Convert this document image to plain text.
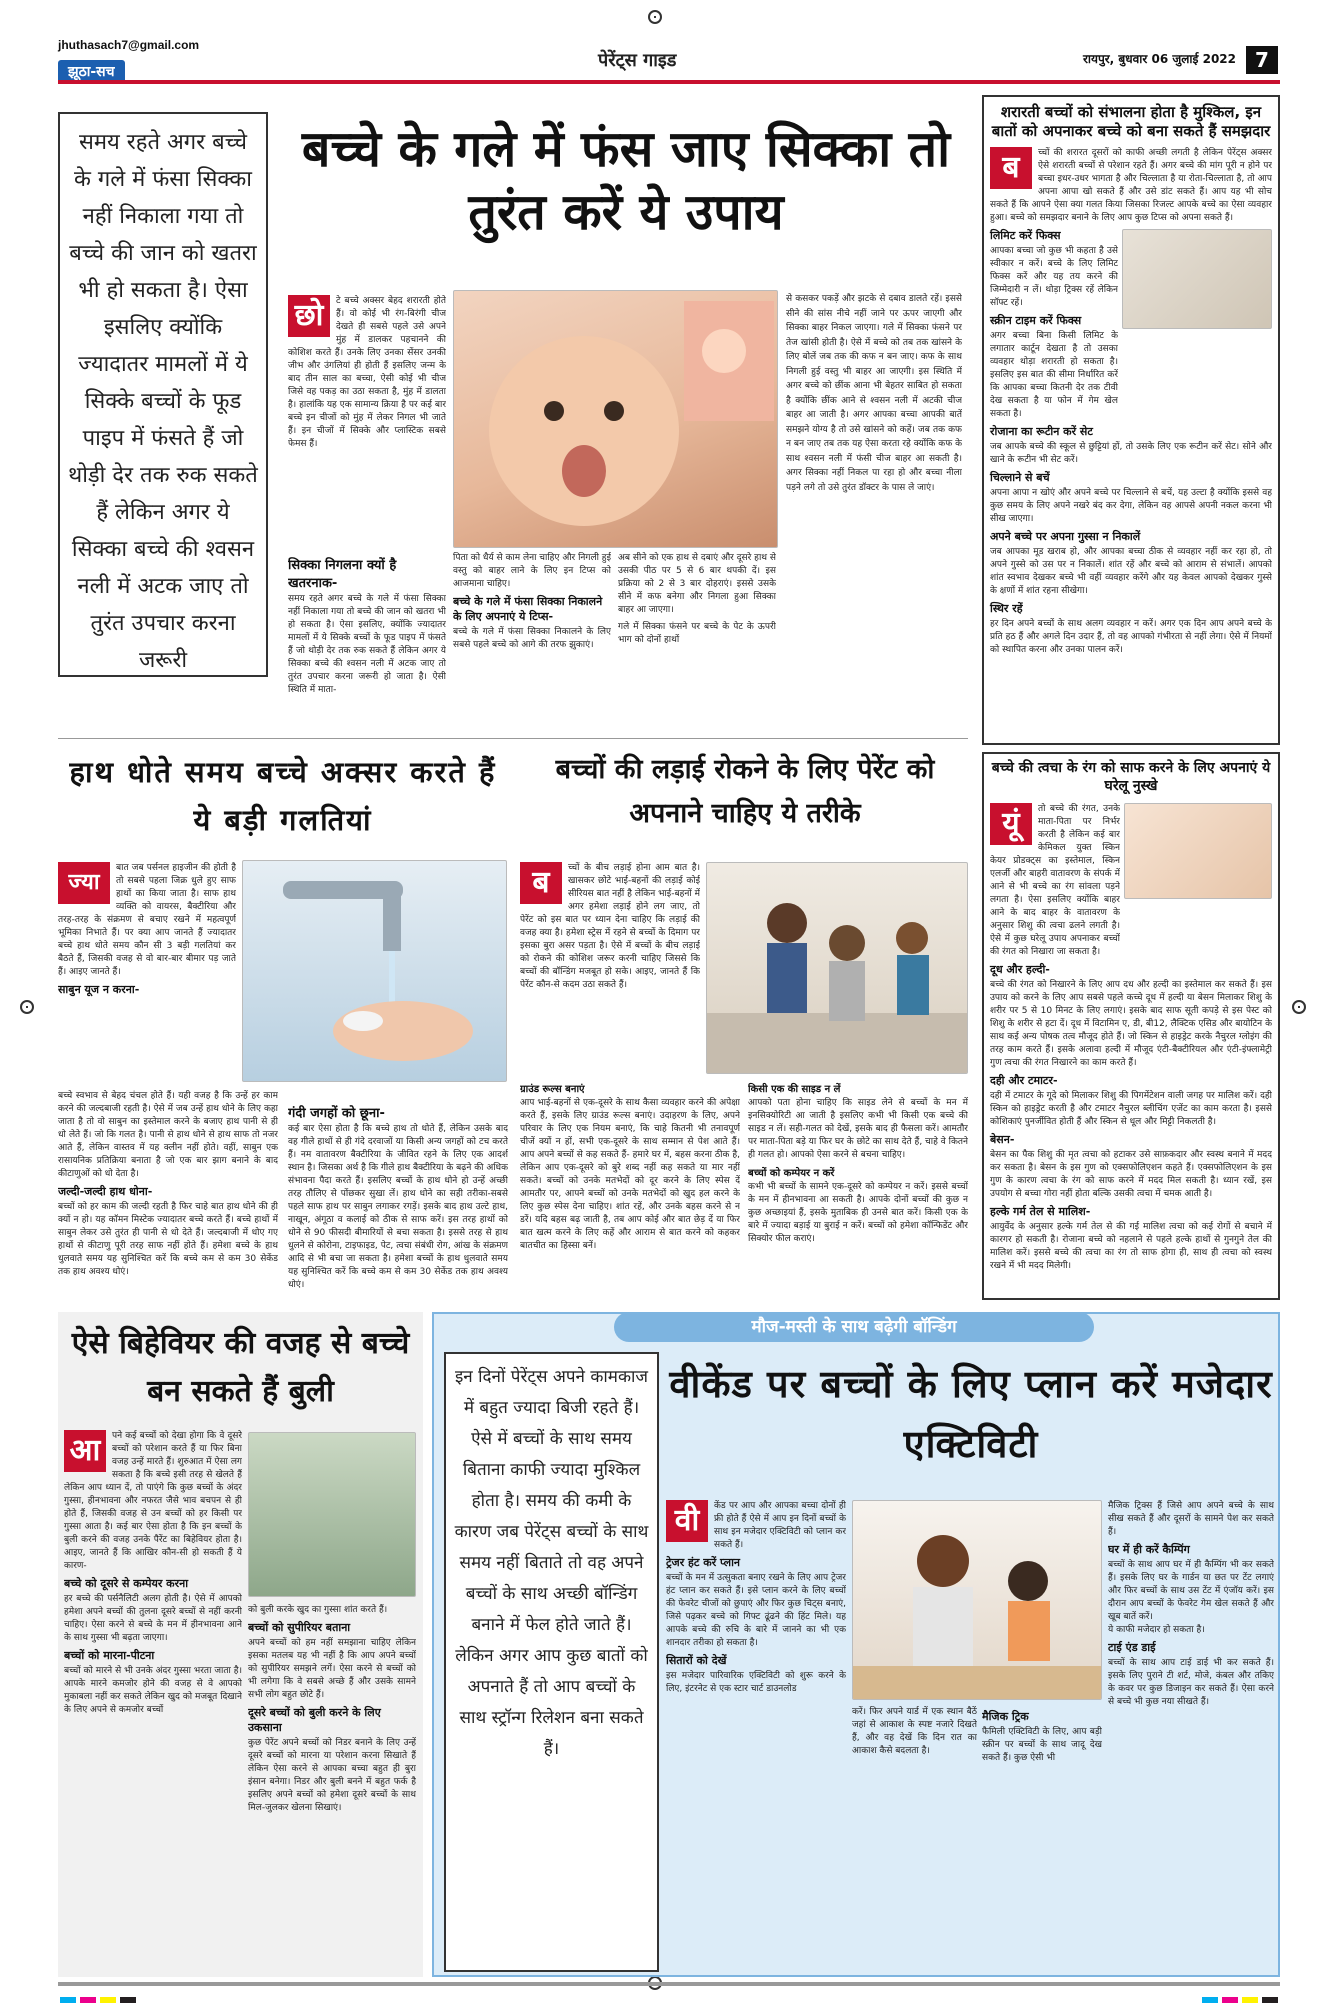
jhuthasach7@gmail.com
झूठा-सच
पेरेंट्स गाइड	रायपुर, बुधवार 06 जुलाई 2022 7
समय रहते अगर बच्चे के गले में फंसा सिक्का नहीं निकाला गया तो बच्चे की जान को खतरा भी हो सकता है। ऐसा इसलिए क्योंकि ज्यादातर मामलों में ये सिक्के बच्चों के फूड पाइप में फंसते हैं जो थोड़ी देर तक रुक सकते हैं लेकिन अगर ये सिक्का बच्चे की श्वसन नली में अटक जाए तो तुरंत उपचार करना जरूरी
बच्चे के गले में फंस जाए सिक्का तो तुरंत करें ये उपाय
छो	टे बच्चे अक्सर बेहद शरारती होते हैं। वो कोई भी रंग-बिरंगी चीज देखते ही सबसे पहले उसे अपने मुंह में डालकर पहचानने की कोशिश करते हैं। उनके लिए उनका सेंसर उनकी जीभ और उंगलियां ही होती हैं इसलिए जन्म के बाद तीन साल का बच्चा, ऐसी कोई भी चीज जिसे वह पकड़ का उठा सकता है, मुंह में डालता है। हालांकि यह एक सामान्य क्रिया है पर कई बार बच्चे इन चीजों को मुंह में लेकर निगल भी जाते हैं। इन चीजों में सिक्के और प्लास्टिक सबसे फेमस हैं।
सिक्का निगलना क्यों है खतरनाक-
समय रहते अगर बच्चे के गले में फंसा सिक्का नहीं निकाला गया तो बच्चे की जान को खतरा भी हो सकता है। ऐसा इसलिए, क्योंकि ज्यादातर मामलों में ये सिक्के बच्चों के फूड पाइप में फंसते हैं जो थोड़ी देर तक रुक सकते हैं लेकिन अगर ये सिक्का बच्चे की श्वसन नली में अटक जाए तो तुरंत उपचार करना जरूरी हो जाता है। ऐसी स्थिति में माता-
पिता को धैर्य से काम लेना चाहिए और निगली हुई वस्तु को बाहर लाने के लिए इन टिप्स को आजमाना चाहिए।
बच्चे के गले में फंसा सिक्का निकालने के लिए अपनाएं ये टिप्स-
बच्चे के गले में फंसा सिक्का निकालने के लिए सबसे पहले बच्चे को आगे की तरफ झुकाएं।
अब सीने को एक हाथ से दबाएं और दूसरे हाथ से उसकी पीठ पर 5 से 6 बार थपकी दें। इस प्रक्रिया को 2 से 3 बार दोहराएं। इससे उसके सीने में कफ बनेगा और निगला हुआ सिक्का बाहर आ जाएगा।
गले में सिक्का फंसने पर बच्चे के पेट के ऊपरी भाग को दोनों हाथों
से कसकर पकड़ें और झटके से दबाव डालते रहें। इससे सीने की सांस नीचे नहीं जाने पर ऊपर जाएगी और सिक्का बाहर निकल जाएगा। गले में सिक्का फंसने पर तेज खांसी होती है। ऐसे में बच्चे को तब तक खांसने के लिए बोलें जब तक की कफ न बन जाए। कफ के साथ निगली हुई वस्तु भी बाहर आ जाएगी। इस स्थिति में अगर बच्चे को छींक आना भी बेहतर साबित हो सकता है क्योंकि छींक आने से श्वसन नली में अटकी चीज बाहर आ जाती है। अगर आपका बच्चा आपकी बातें समझने योग्य है तो उसे खांसने को कहें। जब तक कफ न बन जाए तब तक यह ऐसा करता रहे क्योंकि कफ के साथ श्वसन नली में फंसी चीज बाहर आ सकती है। अगर सिक्का नहीं निकल पा रहा हो और बच्चा नीला पड़ने लगे तो उसे तुरंत डॉक्टर के पास ले जाएं।
शरारती बच्चों को संभालना होता है मुश्किल, इन बातों को अपनाकर बच्चे को बना सकते हैं समझदार
ब	च्चों की शरारत दूसरों को काफी अच्छी लगती है लेकिन पेरेंट्स अक्सर ऐसे शरारती बच्चों से परेशान रहते हैं। अगर बच्चे की मांग पूरी न होने पर बच्चा इधर-उधर भागता है और चिल्लाता है या रोता-चिल्लाता है, तो आप अपना आपा खो सकते हैं और उसे डांट सकते हैं। आप यह भी सोच सकते हैं कि आपने ऐसा क्या गलत किया जिसका रिजल्ट आपके बच्चे का ऐसा व्यवहार हुआ। बच्चे को समझदार बनाने के लिए आप कुछ टिप्स को अपना सकते हैं।
लिमिट करें फिक्स
आपका बच्चा जो कुछ भी कहता है उसे स्वीकार न करें। बच्चे के लिए लिमिट फिक्स करें और यह तय करने की जिम्मेदारी न लें। थोड़ा ट्रिक्स रहें लेकिन सॉफ्ट रहें।
स्क्रीन टाइम करें फिक्स
अगर बच्चा बिना किसी लिमिट के लगातार कार्टून देखता है तो उसका व्यवहार थोड़ा शरारती हो सकता है। इसलिए इस बात की सीमा निर्धारित करें कि आपका बच्चा कितनी देर तक टीवी देख सकता है या फोन में गेम खेल सकता है।
रोजाना का रूटीन करें सेट
जब आपके बच्चे की स्कूल से छुट्टियां हों, तो उसके लिए एक रूटीन करें सेट। सोने और खाने के रूटीन भी सेट करें।
चिल्लाने से बचें
अपना आपा न खोएं और अपने बच्चे पर चिल्लाने से बचें, यह उल्टा है क्योंकि इससे वह कुछ समय के लिए अपने नखरे बंद कर देगा, लेकिन वह आपसे अपनी नकल करना भी सीख जाएगा।
अपने बच्चे पर अपना गुस्सा न निकालें
जब आपका मूड खराब हो, और आपका बच्चा ठीक से व्यवहार नहीं कर रहा हो, तो अपने गुस्से को उस पर न निकालें। शांत रहें और बच्चे को आराम से संभालें। आपको शांत स्वभाव देखकर बच्चे भी वहीं व्यवहार करेंगे और यह केवल आपको देखकर गुस्से के क्षणों में शांत रहना सीखेगा।
स्थिर रहें
हर दिन अपने बच्चों के साथ अलग व्यवहार न करें। अगर एक दिन आप अपने बच्चे के प्रति हठ हैं और अगले दिन उदार हैं, तो वह आपको गंभीरता से नहीं लेगा। ऐसे में नियमों को स्थापित करना और उनका पालन करें।
हाथ धोते समय बच्चे अक्सर करते हैं ये बड़ी गलतियां
ज्या
बात जब पर्सनल हाइजीन की होती है तो सबसे पहला जिक्र धुले हुए साफ हाथों का किया जाता है। साफ हाथ व्यक्ति को वायरस, बैक्टीरिया और तरह-तरह के संक्रमण से बचाए रखने में महत्वपूर्ण भूमिका निभाते हैं। पर क्या आप जानते हैं ज्यादातर बच्चे हाथ धोते समय कौन सी 3 बड़ी गलतियां कर बैठते हैं, जिसकी वजह से वो बार-बार बीमार पड़ जाते हैं। आइए जानते हैं।
साबुन यूज न करना-
बच्चे स्वभाव से बेहद चंचल होते हैं। यही वजह है कि उन्हें हर काम करने की जल्दबाजी रहती है। ऐसे में जब उन्हें हाथ धोने के लिए कहा जाता है तो वो साबुन का इस्तेमाल करने के बजाए हाथ पानी से ही धो लेते हैं। जो कि गलत है। पानी से हाथ धोने से हाथ साफ तो नजर आते हैं, लेकिन वास्तव में यह क्लीन नहीं होते। वहीं, साबुन एक रासायनिक प्रतिक्रिया बनाता है जो एक बार झाग बनाने के बाद कीटाणुओं को धो देता है।
जल्दी-जल्दी हाथ धोना-
बच्चों को हर काम की जल्दी रहती है फिर चाहे बात हाथ धोने की ही क्यों न हो। यह कॉमन मिस्टेक ज्यादातर बच्चे करते हैं। बच्चे हाथों में साबुन लेकर उसे तुरंत ही पानी से धो देते हैं। जल्दबाजी में धोए गए हाथों से कीटाणु पूरी तरह साफ नहीं होते हैं। हमेशा बच्चे के हाथ धुलवाते समय यह सुनिश्चित करें कि बच्चे कम से कम 30 सेकेंड तक हाथ अवश्य धोएं।
गंदी जगहों को छूना-
कई बार ऐसा होता है कि बच्चे हाथ तो धोते हैं, लेकिन उसके बाद वह गीले हाथों से ही गंदे दरवाजों या किसी अन्य जगहों को टच करते हैं। नम वातावरण बैक्टीरिया के जीवित रहने के लिए एक आदर्श स्थान है। जिसका अर्थ है कि गीले हाथ बैक्टीरिया के बढ़ने की अधिक संभावना पैदा करते हैं। इसलिए बच्चों के हाथ धोने हो उन्हें अच्छी तरह तौलिए से पोंछकर सुखा लें। हाथ धोने का सही तरीका-सबसे पहले साफ हाथ पर साबुन लगाकर रगड़ें। इसके बाद हाथ उल्टे हाथ, नाखून, अंगूठा व कलाई को ठीक से साफ करें। इस तरह हाथों को धोने से 90 फीसदी बीमारियों से बचा सकता है। इससे तरह से हाथ धुलने से कोरोना, टाइफाइड, पेट, त्वचा संबंधी रोग, आंख के संक्रमण आदि से भी बचा जा सकता है। हमेशा बच्चों के हाथ धुलवाते समय यह सुनिश्चित करें कि बच्चे कम से कम 30 सेकेंड तक हाथ अवश्य धोएं।
बच्चों की लड़ाई रोकने के लिए पेरेंट को अपनाने चाहिए ये तरीके
ब	च्चों के बीच लड़ाई होना आम बात है। खासकर छोटे भाई-बहनों की लड़ाई कोई सीरियस बात नहीं है लेकिन भाई-बहनों में अगर हमेशा लड़ाई होने लग जाए, तो पेरेंट को इस बात पर ध्यान देना चाहिए कि लड़ाई की वजह क्या है। हमेशा स्ट्रेस में रहने से बच्चों के दिमाग पर इसका बुरा असर पड़ता है। ऐसे में बच्चों के बीच लड़ाई को रोकने की कोशिश जरूर करनी चाहिए जिससे कि बच्चों की बॉन्डिंग मजबूत हो सके। आइए, जानते हैं कि पेरेंट कौन-से कदम उठा सकते हैं।
ग्राउंड रूल्स बनाएं
आप भाई-बहनों से एक-दूसरे के साथ कैसा व्यवहार करने की अपेक्षा करते हैं, इसके लिए ग्राउंड रूल्स बनाएं। उदाहरण के लिए, अपने परिवार के लिए एक नियम बनाएं, कि चाहे कितनी भी तनावपूर्ण चीजें क्यों न हों, सभी एक-दूसरे के साथ सम्मान से पेश आते हैं। आप अपने बच्चों से कह सकते हैं- हमारे घर में, बहस करना ठीक है, लेकिन आप एक-दूसरे को बुरे शब्द नहीं कह सकते या मार नहीं सकते। बच्चों को उनके मतभेदों को दूर करने के लिए स्पेस दें आमतौर पर, आपने बच्चों को उनके मतभेदों को खुद हल करने के लिए कुछ स्पेस देना चाहिए। शांत रहें, और उनके बहस करने से न डरें। यदि बहस बढ़ जाती है, तब आप कोई और बात छेड़ दें या फिर बात खत्म करने के लिए कहें और आराम से बात करने को कहकर बातचीत का हिस्सा बनें।
किसी एक की साइड न लें
आपको पता होना चाहिए कि साइड लेने से बच्चों के मन में इनसिक्योरिटी आ जाती है इसलिए कभी भी किसी एक बच्चे की साइड न लें। सही-गलत को देखें, इसके बाद ही फैसला करें। आमतौर पर माता-पिता बड़े या फिर घर के छोटे का साथ देते हैं, चाहे वे कितने ही गलत हो। आपको ऐसा करने से बचना चाहिए।
बच्चों को कम्पेयर न करें
कभी भी बच्चों के सामने एक-दूसरे को कम्पेयर न करें। इससे बच्चों के मन में हीनभावना आ सकती है। आपके दोनों बच्चों की कुछ न कुछ अच्छाइयां हैं, इसके मुताबिक ही उनसे बात करें। किसी एक के बारे में ज्यादा बड़ाई या बुराई न करें। बच्चों को हमेशा कॉन्फिडेंट और सिक्योर फील कराएं।
बच्चे की त्वचा के रंग को साफ करने के लिए अपनाएं ये घरेलू नुस्खे
यूं	तो बच्चे की रंगत, उनके माता-पिता पर निर्भर करती है लेकिन कई बार केमिकल युक्त स्किन केयर प्रोडक्ट्स का इस्तेमाल, स्किन एलर्जी और बाहरी वातावरण के संपर्क में आने से भी बच्चे का रंग सांवला पड़ने लगता है। ऐसा इसलिए क्योंकि बाहर आने के बाद बाहर के वातावरण के अनुसार शिशु की त्वचा ढलने लगती है। ऐसे में कुछ घरेलू उपाय अपनाकर बच्चों की रंगत को निखारा जा सकता है।
दूध और हल्दी-
बच्चे की रंगत को निखारने के लिए आप दध और हल्दी का इस्तेमाल कर सकते हैं। इस उपाय को करने के लिए आप सबसे पहले कच्चे दूध में हल्दी या बेसन मिलाकर शिशु के शरीर पर 5 से 10 मिनट के लिए लगाएं। इसके बाद साफ सूती कपड़े से इस पेस्ट को शिशु के शरीर से हटा दें। दूध में विटामिन ए, डी, बी12, लैक्टिक एसिड और बायोटिन के साथ कई अन्य पोषक तत्व मौजूद होते हैं। जो स्किन से हाइड्रेट करके नैचुरल ग्लोइंग की तरह काम करते हैं। इसके अलावा हल्दी में मौजूद एंटी-बैक्टीरियल और एंटी-इंफ्लामेट्री गुण त्वचा की रंगत निखारने का काम करते हैं।
दही और टमाटर-
दही में टमाटर के गूदे को मिलाकर शिशु की पिगमेंटेशन वाली जगह पर मालिश करें। दही स्किन को हाइड्रेट करती है और टमाटर नैचुरल ब्लीचिंग एजेंट का काम करता है। इससे कोशिकाएं पुनर्जीवित होती हैं और स्किन से धूल और मिट्टी निकलती है।
बेसन-
बेसन का पैक शिशु की मृत त्वचा को हटाकर उसे साफ़कदार और स्वस्थ बनाने में मदद कर सकता है। बेसन के इस गुण को एक्सफोलिएशन कहते हैं। एक्सफोलिएशन के इस गुण के कारण त्वचा के रंग को साफ करने में मदद मिल सकती है। ध्यान रखें, इस उपयोग से बच्चा गोरा नहीं होता बल्कि उसकी त्वचा में चमक आती है।
हल्के गर्म तेल से मालिश-
आयुर्वेद के अनुसार हल्के गर्म तेल से की गई मालिश त्वचा को कई रोगों से बचाने में कारगर हो सकती है। रोजाना बच्चे को नहलाने से पहले हल्के हाथों से गुनगुने तेल की मालिश करें। इससे बच्चे की त्वचा का रंग तो साफ होगा ही, साथ ही त्वचा को स्वस्थ रखने में भी मदद मिलेगी।
ऐसे बिहेवियर की वजह से बच्चे बन सकते हैं बुली
आ	पने कई बच्चों को देखा होगा कि वे दूसरे बच्चों को परेशान करते हैं या फिर बिना वजह उन्हें मारते हैं। शुरुआत में ऐसा लग सकता है कि बच्चे इसी तरह से खेलते हैं लेकिन आप ध्यान दें, तो पाएंगे कि कुछ बच्चों के अंदर गुस्सा, हीनभावना और नफरत जैसे भाव बचपन से ही होते हैं, जिसकी वजह से उन बच्चों को हर किसी पर गुस्सा आता है। कई बार ऐसा होता है कि इन बच्चों के बुली करने की वजह उनके पैरेंट का बिहेवियर होता है। आइए, जानते हैं कि आखिर कौन-सी हो सकती हैं ये कारण-
बच्चे को दूसरे से कम्पेयर करना
हर बच्चे की पर्सनैलिटी अलग होती है। ऐसे में आपको हमेशा अपने बच्चों की तुलना दूसरे बच्चों से नहीं करनी चाहिए। ऐसा करने से बच्चे के मन में हीनभावना आने के साथ गुस्सा भी बढ़ता जाएगा।
बच्चों को मारना-पीटना
बच्चों को मारने से भी उनके अंदर गुस्सा भरता जाता है। आपके मारने कमजोर होने की वजह से वे आपको मुकाबला नहीं कर सकते लेकिन खुद को मजबूत दिखाने के लिए अपने से कमजोर बच्चों
को बुली करके खुद का गुस्सा शांत करते हैं।
बच्चों को सुपीरियर बताना
अपने बच्चों को हम नहीं समझाना चाहिए लेकिन इसका मतलब यह भी नहीं है कि आप अपने बच्चों को सुपीरियर समझने लगें। ऐसा करने से बच्चों को भी लगेगा कि वे सबसे अच्छे हैं और उसके सामने सभी लोग बहुत छोटे हैं।
दूसरे बच्चों को बुली करने के लिए उकसाना
कुछ पेरेंट अपने बच्चों को निडर बनाने के लिए उन्हें दूसरे बच्चों को मारना या परेशान करना सिखाते हैं लेकिन ऐसा करने से आपका बच्चा बहुत ही बुरा इंसान बनेगा। निडर और बुली बनने में बहुत फर्क है इसलिए अपने बच्चों को हमेशा दूसरे बच्चों के साथ मिल-जुलकर खेलना सिखाएं।
मौज-मस्ती के साथ बढ़ेगी बॉन्डिंग
इन दिनों पेरेंट्स अपने कामकाज में बहुत ज्यादा बिजी रहते हैं। ऐसे में बच्चों के साथ समय बिताना काफी ज्यादा मुश्किल होता है। समय की कमी के कारण जब पेरेंट्स बच्चों के साथ समय नहीं बिताते तो वह अपने बच्चों के साथ अच्छी बॉन्डिंग बनाने में फेल होते जाते हैं। लेकिन अगर आप कुछ बातों को अपनाते हैं तो आप बच्चों के साथ स्ट्रॉन्ग रिलेशन बना सकते हैं।
वीकेंड पर बच्चों के लिए प्लान करें मजेदार एक्टिविटी
वी	केंड पर आप और आपका बच्चा दोनों ही फ्री होते हैं ऐसे में आप इन दिनों बच्चों के साथ इन मजेदार एक्टिविटी को प्लान कर सकते हैं।
ट्रेजर हंट करें प्लान
बच्चों के मन में उत्सुकता बनाए रखने के लिए आप ट्रेजर हंट प्लान कर सकते हैं। इसे प्लान करने के लिए बच्चों की फेवरेट चीजों को छुपाएं और फिर कुछ चिट्स बनाएं, जिसे पढ़कर बच्चे को गिफ्ट ढूंढने की हिंट मिले। यह आपके बच्चे की रुचि के बारे में जानने का भी एक शानदार तरीका हो सकता है।
सितारों को देखें
इस मजेदार पारिवारिक एक्टिविटी को शुरू करने के लिए, इंटरनेट से एक स्टार चार्ट डाउनलोड
करें। फिर अपने यार्ड में एक स्थान बैठें जहां से आकाश के स्पष्ट नजारे दिखते हैं, और वह देखें कि दिन रात का आकाश कैसे बदलता है।
मैजिक ट्रिक
फैमिली एक्टिविटी के लिए, आप बड़ी स्क्रीन पर बच्चों के साथ जादू देख सकते हैं। कुछ ऐसी भी
मैजिक ट्रिक्स हैं जिसे आप अपने बच्चे के साथ सीख सकते हैं और दूसरों के सामने पेश कर सकते हैं।
घर में ही करें कैम्पिंग
बच्चों के साथ आप घर में ही कैम्पिंग भी कर सकते हैं। इसके लिए घर के गार्डन या छत पर टेंट लगाएं और फिर बच्चों के साथ उस टेंट में एंजॉय करें। इस दौरान आप बच्चों के फेवरेट गेम खेल सकते हैं और खूब बातें करें।
ये काफी मजेदार हो सकता है।
टाई एंड डाई
बच्चों के साथ आप टाई डाई भी कर सकते हैं। इसके लिए पुराने टी शर्ट, मोजे, कंबल और तकिए के कवर पर कुछ डिजाइन कर सकते हैं। ऐसा करने से बच्चे भी कुछ नया सीखते हैं।
